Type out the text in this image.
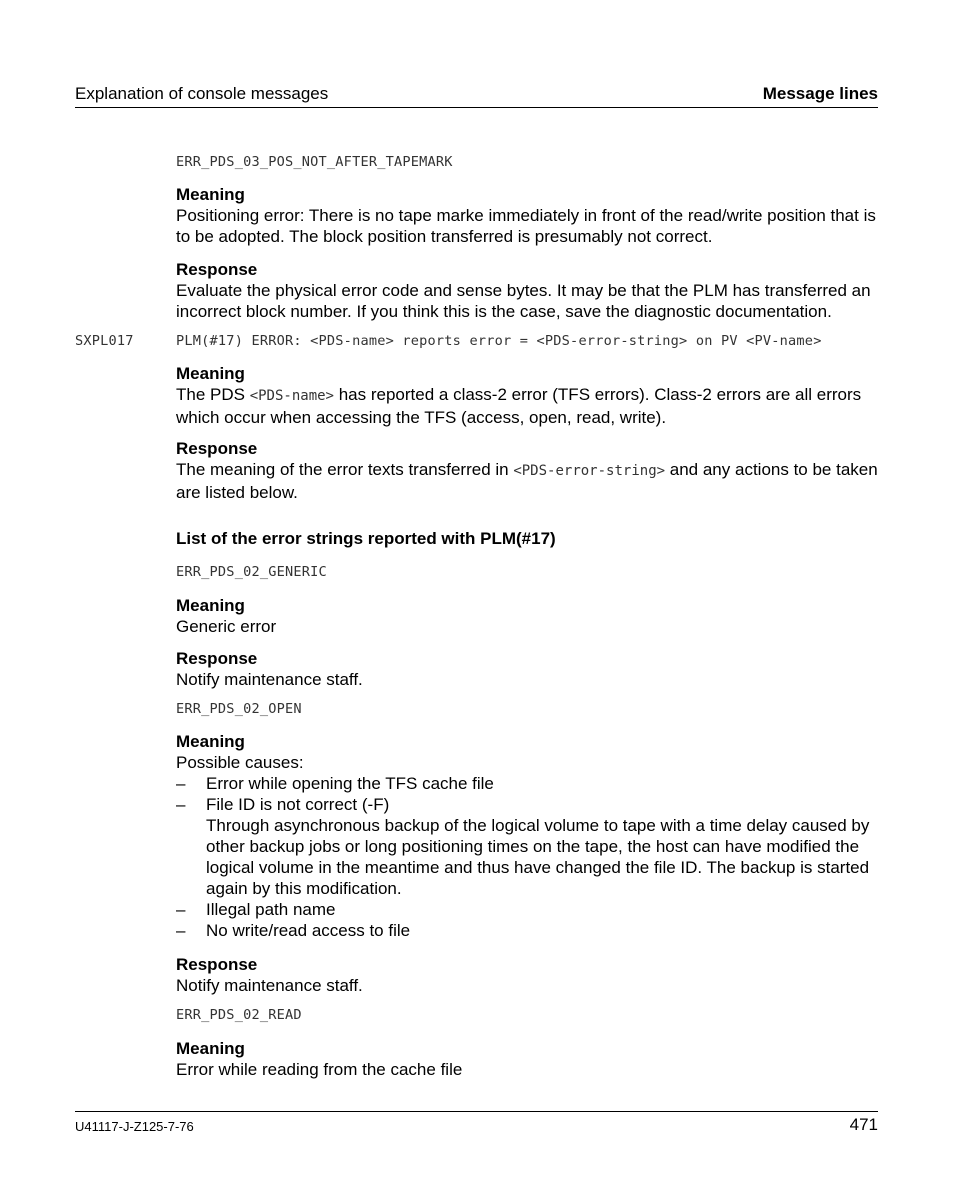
Explanation of console messages	Message lines
ERR_PDS_03_POS_NOT_AFTER_TAPEMARK
Meaning
Positioning error: There is no tape marke immediately in front of the read/write position that is to be adopted. The block position transferred is presumably not correct.
Response
Evaluate the physical error code and sense bytes. It may be that the PLM has transferred an incorrect block number. If you think this is the case, save the diagnostic documentation.
SXPL017	PLM(#17) ERROR: <PDS-name> reports error = <PDS-error-string> on PV <PV-name>
Meaning
The PDS <PDS-name> has reported a class-2 error (TFS errors). Class-2 errors are all errors which occur when accessing the TFS (access, open, read, write).
Response
The meaning of the error texts transferred in <PDS-error-string> and any actions to be taken are listed below.
List of the error strings reported with PLM(#17)
ERR_PDS_02_GENERIC
Meaning
Generic error
Response
Notify maintenance staff.
ERR_PDS_02_OPEN
Meaning
Possible causes:
– Error while opening the TFS cache file
– File ID is not correct (-F)
Through asynchronous backup of the logical volume to tape with a time delay caused by other backup jobs or long positioning times on the tape, the host can have modified the logical volume in the meantime and thus have changed the file ID. The backup is started again by this modification.
– Illegal path name
– No write/read access to file
Response
Notify maintenance staff.
ERR_PDS_02_READ
Meaning
Error while reading from the cache file
U41117-J-Z125-7-76	471
